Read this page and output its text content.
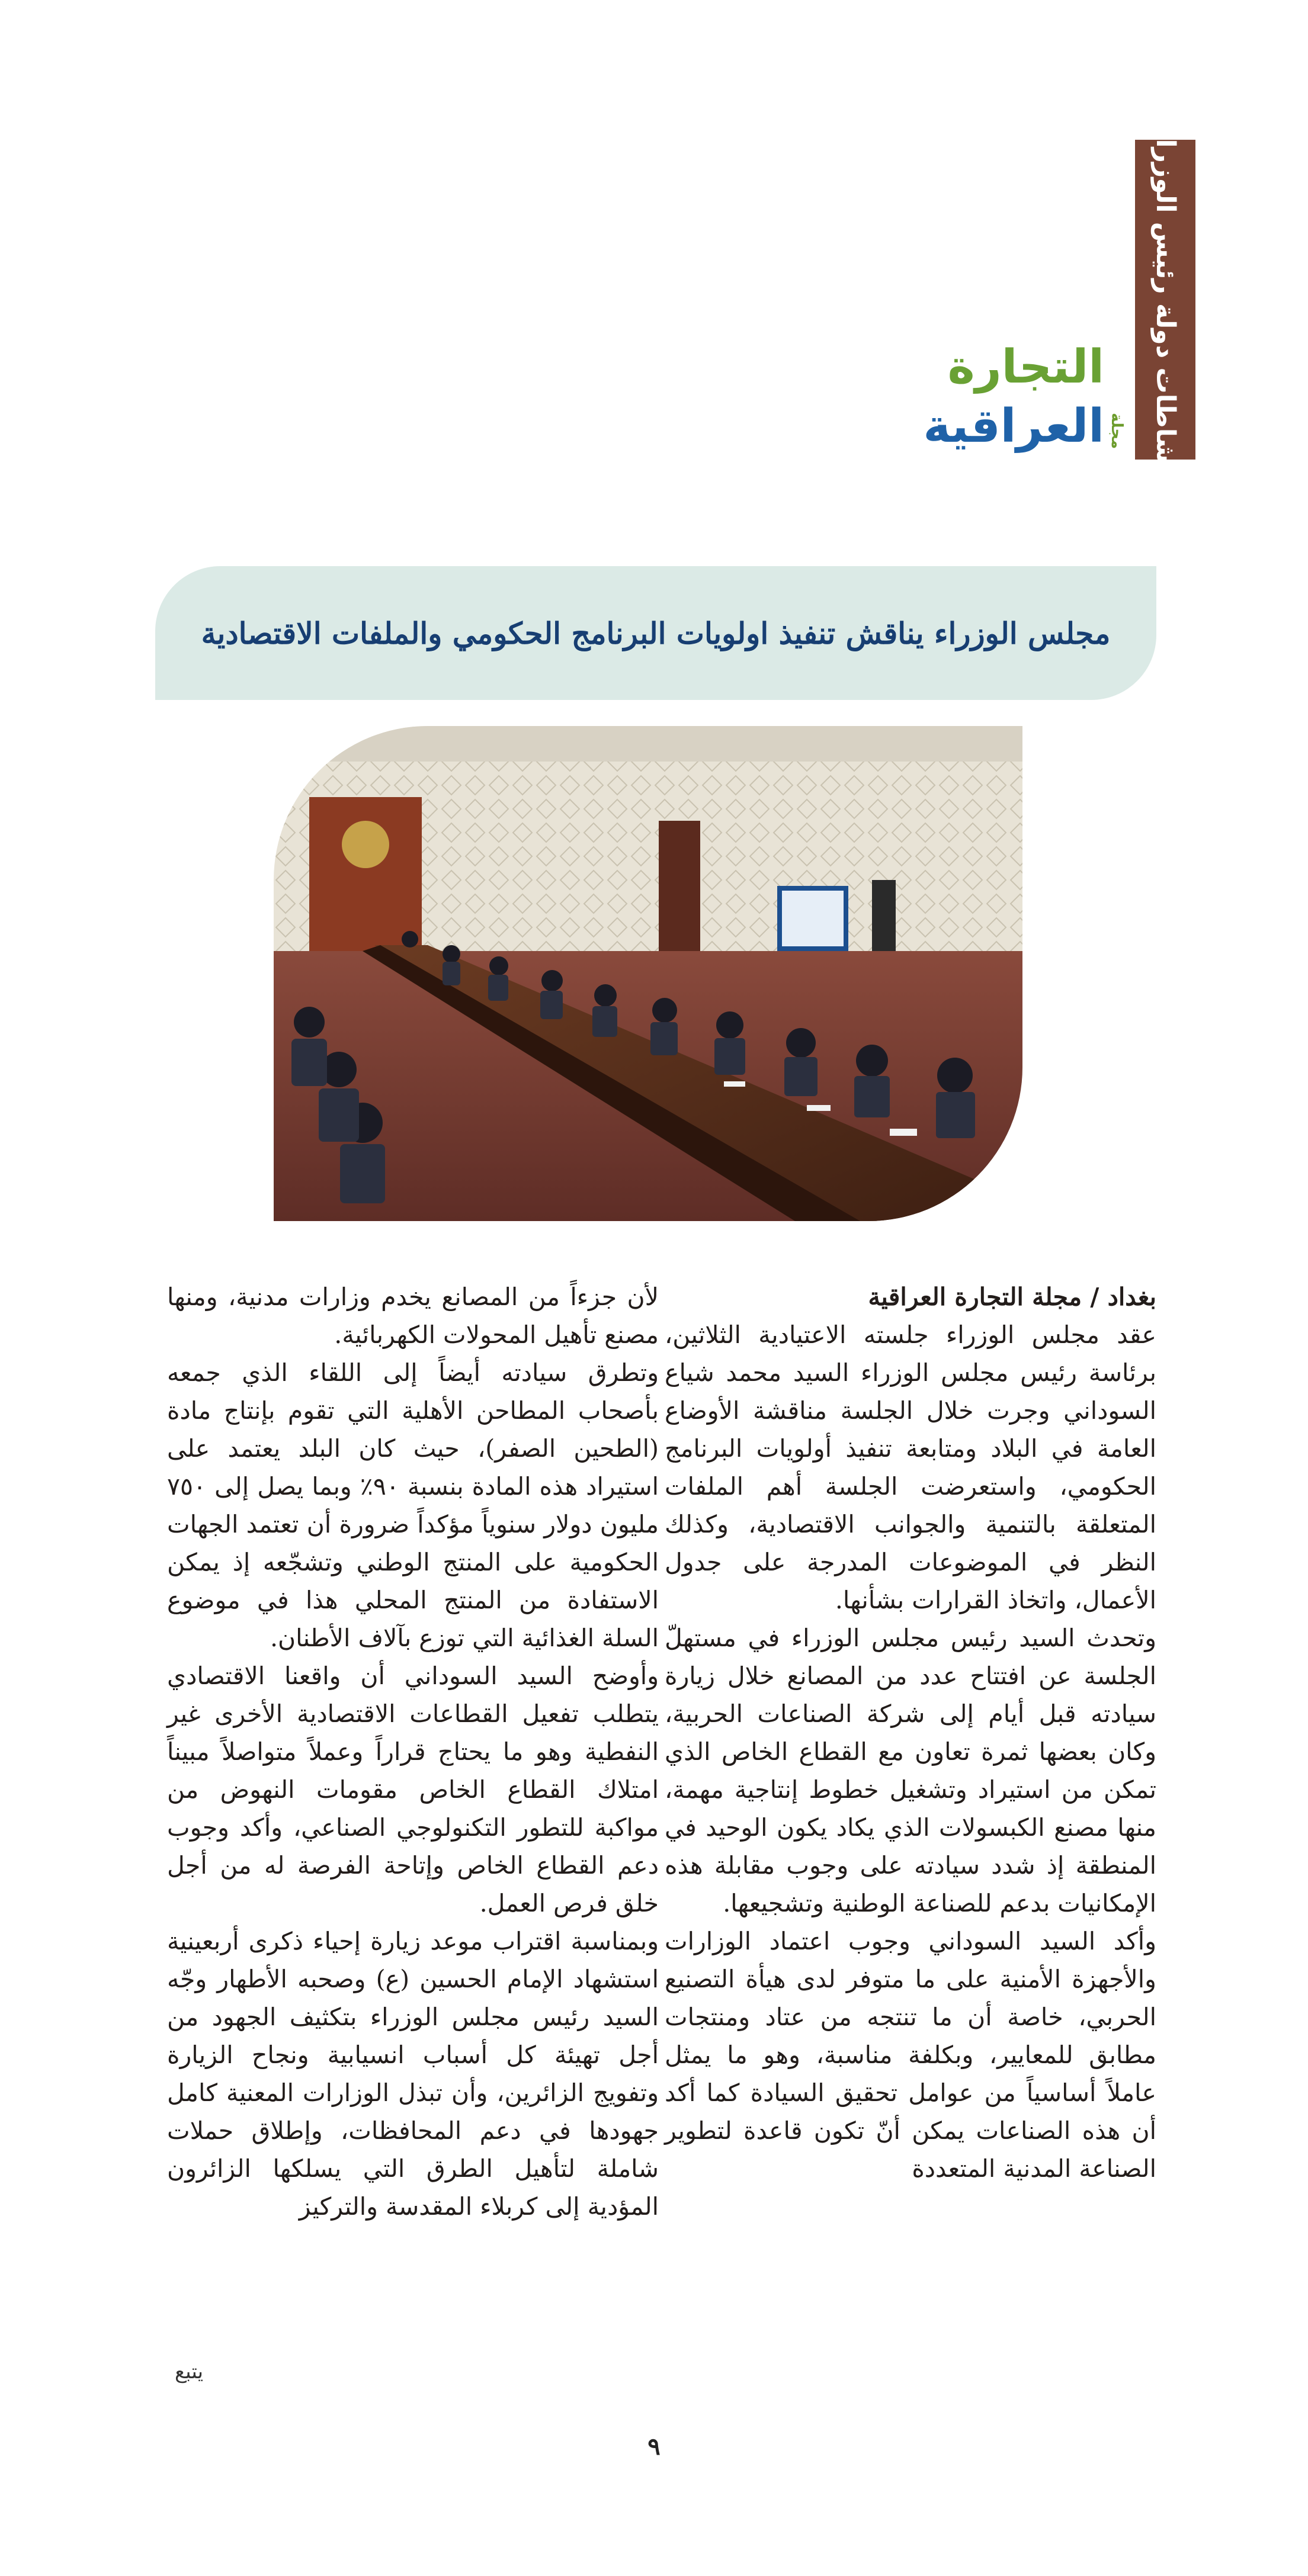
نشاطات دولة رئيس الوزراء
مجلة
التجارة العراقية
مجلس الوزراء يناقش تنفيذ اولويات البرنامج الحكومي والملفات الاقتصادية

بغداد / مجلة التجارة العراقية

عقد مجلس الوزراء جلسته الاعتيادية الثلاثين، برئاسة رئيس مجلس الوزراء السيد محمد شياع السوداني وجرت خلال الجلسة مناقشة الأوضاع العامة في البلاد ومتابعة تنفيذ أولويات البرنامج الحكومي، واستعرضت الجلسة أهم الملفات المتعلقة بالتنمية والجوانب الاقتصادية، وكذلك النظر في الموضوعات المدرجة على جدول الأعمال، واتخاذ القرارات بشأنها.

وتحدث السيد رئيس مجلس الوزراء في مستهلّ الجلسة عن افتتاح عدد من المصانع خلال زيارة سيادته قبل أيام إلى شركة الصناعات الحربية، وكان بعضها ثمرة تعاون مع القطاع الخاص الذي تمكن من استيراد وتشغيل خطوط إنتاجية مهمة، منها مصنع الكبسولات الذي يكاد يكون الوحيد في المنطقة إذ شدد سيادته على وجوب مقابلة هذه الإمكانيات بدعم للصناعة الوطنية وتشجيعها.

وأكد السيد السوداني وجوب اعتماد الوزارات والأجهزة الأمنية على ما متوفر لدى هيأة التصنيع الحربي، خاصة أن ما تنتجه من عتاد ومنتجات مطابق للمعايير، وبكلفة مناسبة، وهو ما يمثل عاملاً أساسياً من عوامل تحقيق السيادة كما أكد أن هذه الصناعات يمكن أنّ تكون قاعدة لتطوير الصناعة المدنية المتعددة

لأن جزءاً من المصانع يخدم وزارات مدنية، ومنها مصنع تأهيل المحولات الكهربائية.

وتطرق سيادته أيضاً إلى اللقاء الذي جمعه بأصحاب المطاحن الأهلية التي تقوم بإنتاج مادة (الطحين الصفر)، حيث كان البلد يعتمد على استيراد هذه المادة بنسبة ٩٠٪ وبما يصل إلى ٧٥٠ مليون دولار سنوياً مؤكداً ضرورة أن تعتمد الجهات الحكومية على المنتج الوطني وتشجّعه إذ يمكن الاستفادة من المنتج المحلي هذا في موضوع السلة الغذائية التي توزع بآلاف الأطنان.

وأوضح السيد السوداني أن واقعنا الاقتصادي يتطلب تفعيل القطاعات الاقتصادية الأخرى غير النفطية وهو ما يحتاج قراراً وعملاً متواصلاً مبيناً امتلاك القطاع الخاص مقومات النهوض من مواكبة للتطور التكنولوجي الصناعي، وأكد وجوب دعم القطاع الخاص وإتاحة الفرصة له من أجل خلق فرص العمل.

وبمناسبة اقتراب موعد زيارة إحياء ذكرى أربعينية استشهاد الإمام الحسين (ع) وصحبه الأطهار وجّه السيد رئيس مجلس الوزراء بتكثيف الجهود من أجل تهيئة كل أسباب انسيابية ونجاح الزيارة وتفويج الزائرين، وأن تبذل الوزارات المعنية كامل جهودها في دعم المحافظات، وإطلاق حملات شاملة لتأهيل الطرق التي يسلكها الزائرون المؤدية إلى كربلاء المقدسة والتركيز

يتبع
٩
